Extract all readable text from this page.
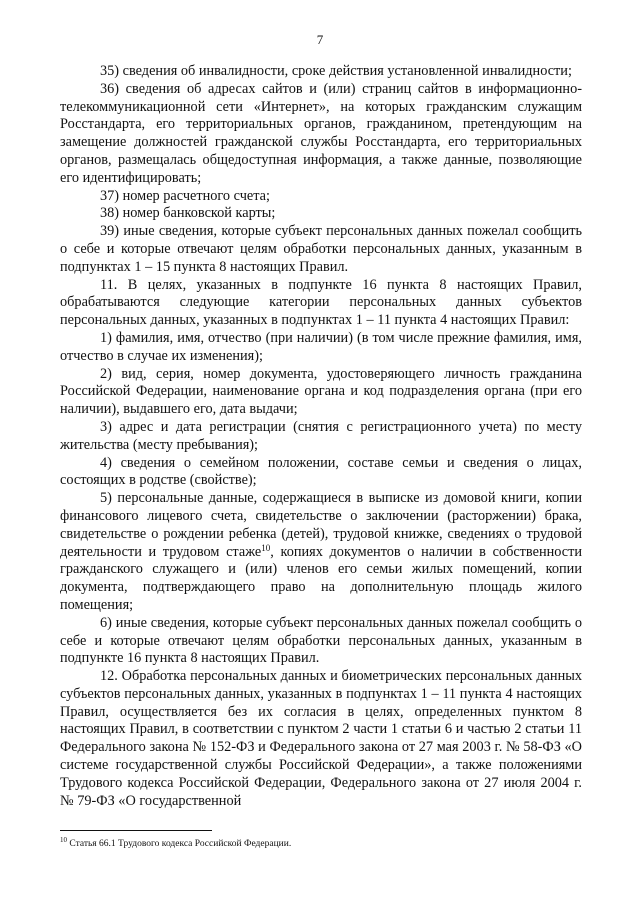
7

35) сведения об инвалидности, сроке действия установленной инвалидности;

36) сведения об адресах сайтов и (или) страниц сайтов в информационно-телекоммуникационной сети «Интернет», на которых гражданским служащим Росстандарта, его территориальных органов, гражданином, претендующим на замещение должностей гражданской службы Росстандарта, его территориальных органов, размещалась общедоступная информация, а также данные, позволяющие его идентифицировать;

37) номер расчетного счета;

38) номер банковской карты;

39) иные сведения, которые субъект персональных данных пожелал сообщить о себе и которые отвечают целям обработки персональных данных, указанным в подпунктах 1 – 15 пункта 8 настоящих Правил.

11. В целях, указанных в подпункте 16 пункта 8 настоящих Правил, обрабатываются следующие категории персональных данных субъектов персональных данных, указанных в подпунктах 1 – 11 пункта 4 настоящих Правил:

1) фамилия, имя, отчество (при наличии) (в том числе прежние фамилия, имя, отчество в случае их изменения);

2) вид, серия, номер документа, удостоверяющего личность гражданина Российской Федерации, наименование органа и код подразделения органа (при его наличии), выдавшего его, дата выдачи;

3) адрес и дата регистрации (снятия с регистрационного учета) по месту жительства (месту пребывания);

4) сведения о семейном положении, составе семьи и сведения о лицах, состоящих в родстве (свойстве);

5) персональные данные, содержащиеся в выписке из домовой книги, копии финансового лицевого счета, свидетельстве о заключении (расторжении) брака, свидетельстве о рождении ребенка (детей), трудовой книжке, сведениях о трудовой деятельности и трудовом стаже$^{10}$, копиях документов о наличии в собственности гражданского служащего и (или) членов его семьи жилых помещений, копии документа, подтверждающего право на дополнительную площадь жилого помещения;

6) иные сведения, которые субъект персональных данных пожелал сообщить о себе и которые отвечают целям обработки персональных данных, указанным в подпункте 16 пункта 8 настоящих Правил.

12. Обработка персональных данных и биометрических персональных данных субъектов персональных данных, указанных в подпунктах 1 – 11 пункта 4 настоящих Правил, осуществляется без их согласия в целях, определенных пунктом 8 настоящих Правил, в соответствии с пунктом 2 части 1 статьи 6 и частью 2 статьи 11 Федерального закона № 152-ФЗ и Федерального закона от 27 мая 2003 г. № 58-ФЗ «О системе государственной службы Российской Федерации», а также положениями Трудового кодекса Российской Федерации, Федерального закона от 27 июля 2004 г. № 79-ФЗ «О государственной

$^{10}$ Статья 66.1 Трудового кодекса Российской Федерации.
